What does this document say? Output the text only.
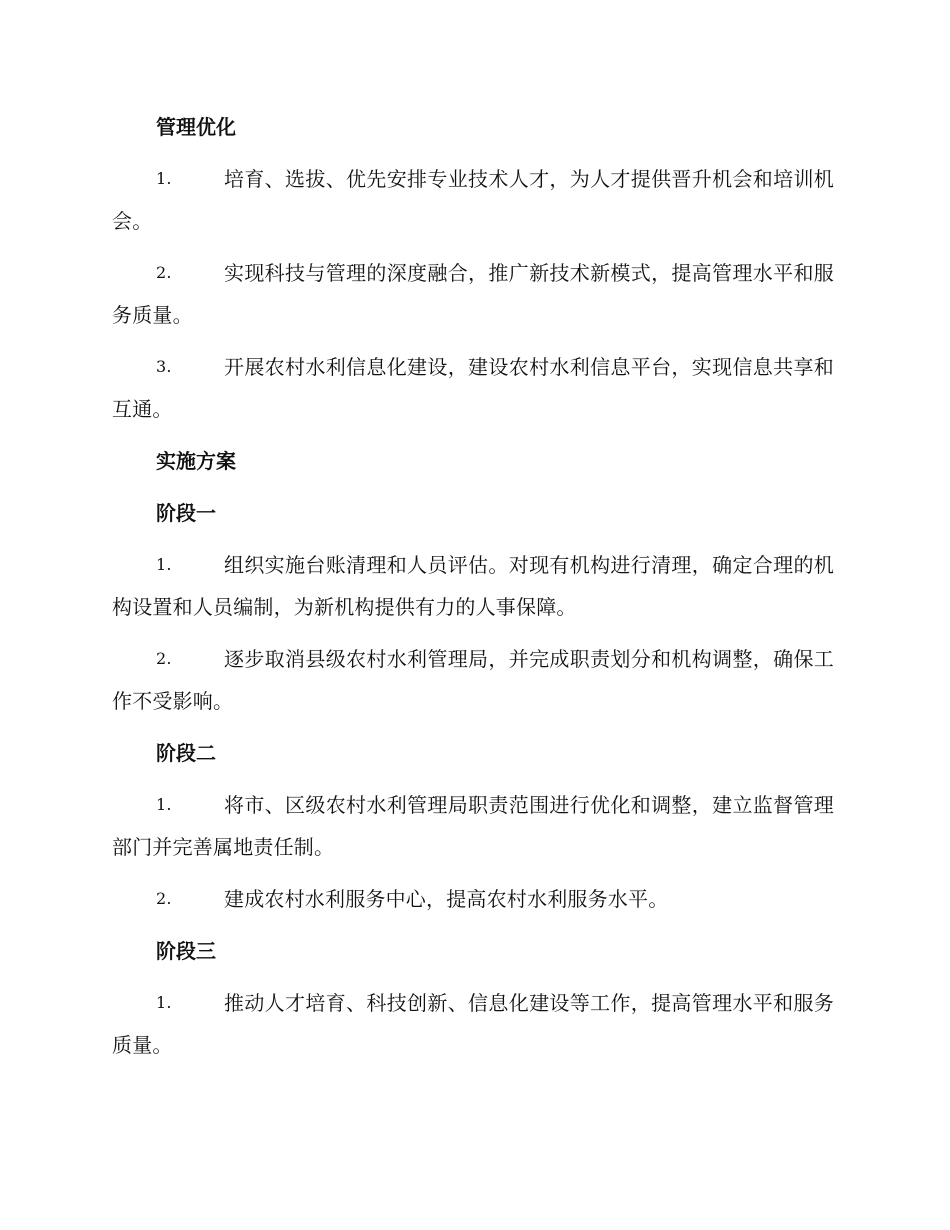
管理优化
1.	培育、选拔、优先安排专业技术人才，为人才提供晋升机会和培训机会。
2.	实现科技与管理的深度融合，推广新技术新模式，提高管理水平和服务质量。
3.	开展农村水利信息化建设，建设农村水利信息平台，实现信息共享和互通。
实施方案
阶段一
1.	组织实施台账清理和人员评估。对现有机构进行清理，确定合理的机构设置和人员编制，为新机构提供有力的人事保障。
2.	逐步取消县级农村水利管理局，并完成职责划分和机构调整，确保工作不受影响。
阶段二
1.	将市、区级农村水利管理局职责范围进行优化和调整，建立监督管理部门并完善属地责任制。
2.	建成农村水利服务中心，提高农村水利服务水平。
阶段三
1.	推动人才培育、科技创新、信息化建设等工作，提高管理水平和服务质量。
